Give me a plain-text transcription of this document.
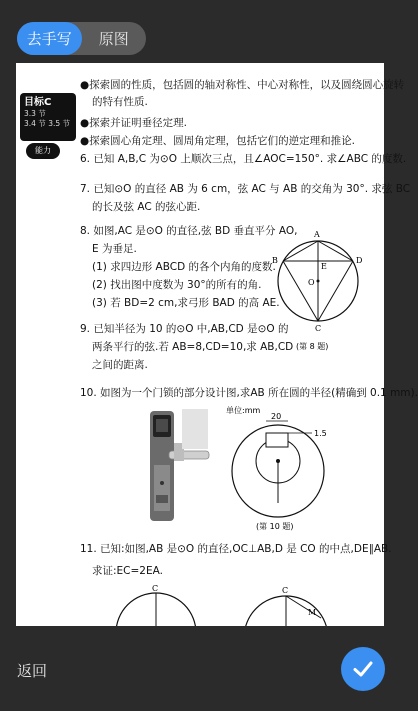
去手写	原图
目标C
3.3 节
3.4 节 3.5 节
能力
●探索圆的性质，包括圆的轴对称性、中心对称性，以及圆绕圆心旋转
的特有性质.
●探索并证明垂径定理.
●探索圆心角定理、圆周角定理，包括它们的逆定理和推论.
6. 已知 A,B,C 为⊙O 上顺次三点，且∠AOC=150°. 求∠ABC 的度数.
7. 已知⊙O 的直径 AB 为 6 cm，弦 AC 与 AB 的交角为 30°. 求弦 BC
的长及弦 AC 的弦心距.
8. 如图,AC 是⊙O 的直径,弦 BD 垂直平分 AO,
E 为垂足.
(1) 求四边形 ABCD 的各个内角的度数.
(2) 找出图中度数为 30°的所有的角.
(3) 若 BD=2 cm,求弓形 BAD 的高 AE.
9. 已知半径为 10 的⊙O 中,AB,CD 是⊙O 的
两条平行的弦.若 AB=8,CD=10,求 AB,CD
之间的距离.
A
B	D
E
O
C
(第 8 题)
10. 如图为一个门锁的部分设计图,求AB 所在圆的半径(精确到 0.1 mm).
单位:mm
20
1.5
(第 10 题)
11. 已知:如图,AB 是⊙O 的直径,OC⊥AB,D 是 CO 的中点,DE∥AB.
求证:EC=2EA.
C	C
M
返回
